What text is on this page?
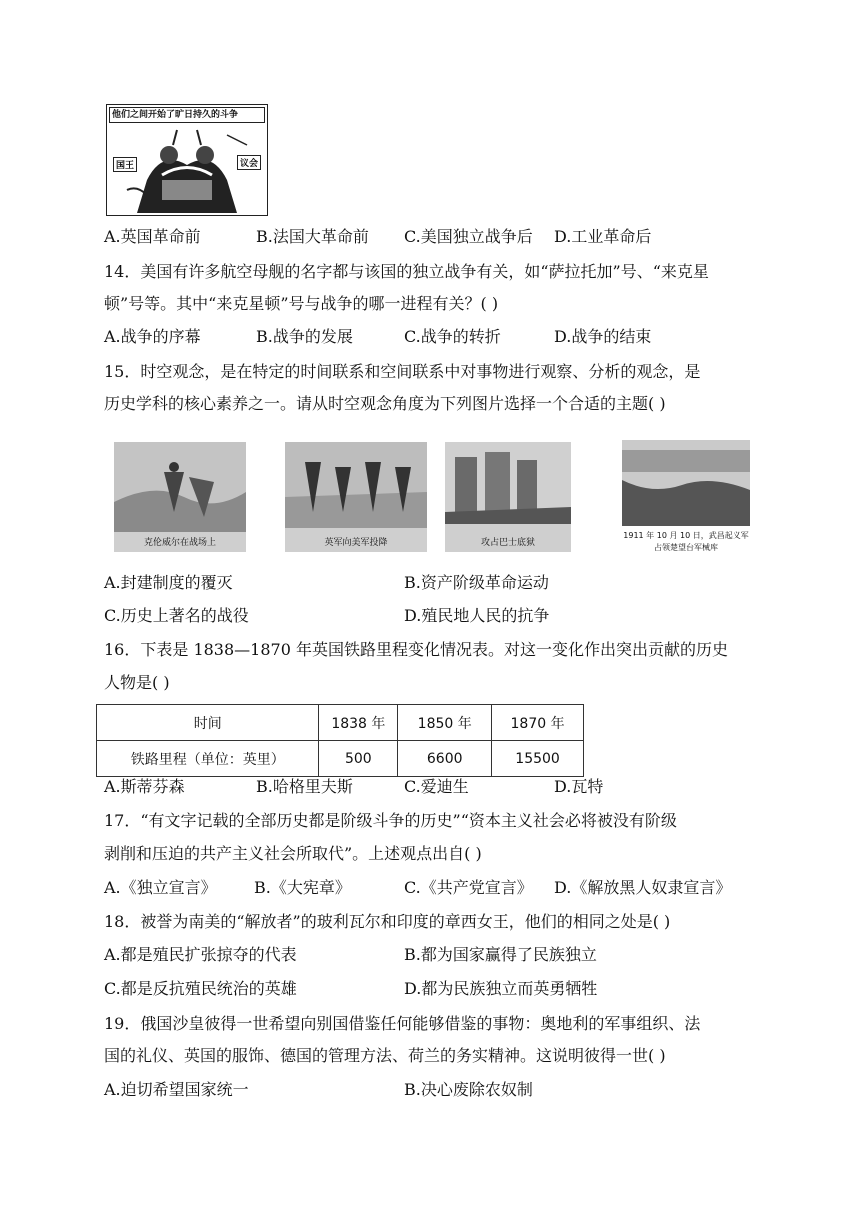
他们之间开始了旷日持久的斗争
国王	议会
A.英国革命前	B.法国大革命前 C.美国独立战争后 D.工业革命后
14．美国有许多航空母舰的名字都与该国的独立战争有关，如“萨拉托加”号、“来克星
顿”号等。其中“来克星顿”号与战争的哪一进程有关？( )
A.战争的序幕	B.战争的发展	C.战争的转折	D.战争的结束
15．时空观念，是在特定的时间联系和空间联系中对事物进行观察、分析的观念，是
历史学科的核心素养之一。请从时空观念角度为下列图片选择一个合适的主题( )
克伦威尔在战场上	英军向美军投降	攻占巴士底狱
1911 年 10 月 10 日，武昌起义军
占领楚望台军械库
A.封建制度的覆灭	B.资产阶级革命运动
C.历史上著名的战役	D.殖民地人民的抗争
16．下表是 1838—1870 年英国铁路里程变化情况表。对这一变化作出突出贡献的历史
人物是( )
时间	1838 年	1850 年	1870 年
铁路里程（单位：英里）	500	6600	15500
A.斯蒂芬森	B.哈格里夫斯	C.爱迪生	D.瓦特
17．“有文字记载的全部历史都是阶级斗争的历史”“资本主义社会必将被没有阶级
剥削和压迫的共产主义社会所取代”。上述观点出自( )
A.《独立宣言》 B.《大宪章》	C.《共产党宣言》 D.《解放黑人奴隶宣言》
18．被誉为南美的“解放者”的玻利瓦尔和印度的章西女王，他们的相同之处是( )
A.都是殖民扩张掠夺的代表	B.都为国家赢得了民族独立
C.都是反抗殖民统治的英雄	D.都为民族独立而英勇牺牲
19．俄国沙皇彼得一世希望向别国借鉴任何能够借鉴的事物：奥地利的军事组织、法
国的礼仪、英国的服饰、德国的管理方法、荷兰的务实精神。这说明彼得一世( )
A.迫切希望国家统一	B.决心废除农奴制
